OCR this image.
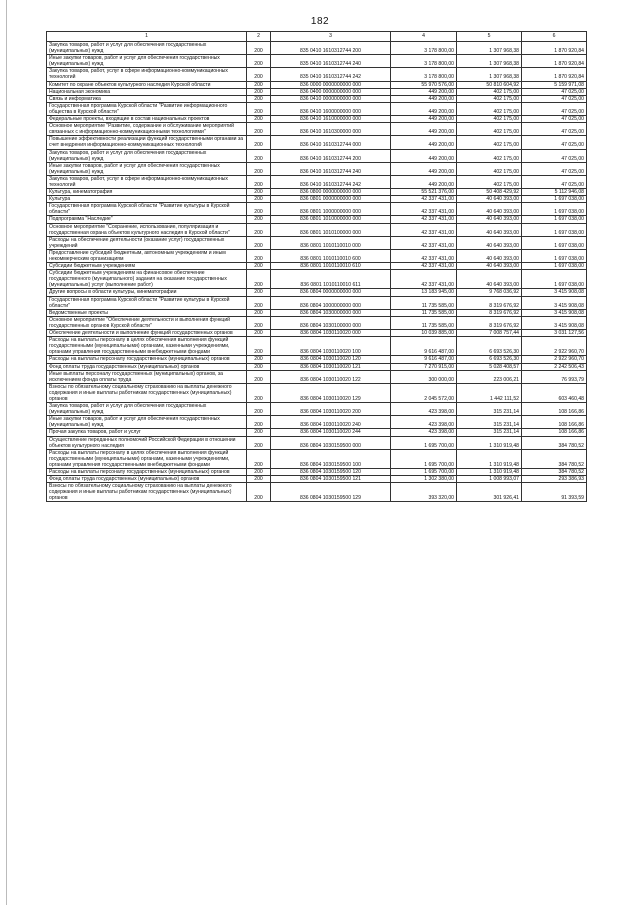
182
1	2	3	4	5	6
Закупка товаров, работ и услуг для обеспечения государственных (муниципальных) нужд	200	835 0410 1610312744 200	3 178 800,00	1 307 968,38	1 870 920,84
Иные закупки товаров, работ и услуг для обеспечения государственных (муниципальных) нужд	200	835 0410 1610312744 240	3 178 800,00	1 307 968,38	1 870 920,84
Закупка товаров, работ, услуг в сфере информационно-коммуникационных технологий	200	835 0410 1610312744 242	3 178 800,00	1 307 968,38	1 870 920,84
Комитет по охране объектов культурного наследия Курской области	200	836 0000 0000000000 000	55 970 576,00	50 810 604,92	5 159 971,08
Национальная экономика	200	836 0400 0000000000 000	449 200,00	402 175,00	47 025,00
Связь и информатика	200	836 0410 0000000000 000	449 200,00	402 175,00	47 025,00
Государственная программа Курской области "Развитие информационного общества в Курской области"	200	836 0410 1600000000 000	449 200,00	402 175,00	47 025,00
Федеральные проекты, входящие в состав национальных проектов	200	836 0410 1610000000 000	449 200,00	402 175,00	47 025,00
Основное мероприятие "Развитие, содержание и обслуживание мероприятий связанных с информационно-коммуникационными технологиями"	200	836 0410 1610300000 000	449 200,00	402 175,00	47 025,00
Повышение эффективности реализации функций государственными органами за счет внедрения информационно-коммуникационных технологий	200	836 0410 1610312744 000	449 200,00	402 175,00	47 025,00
Закупка товаров, работ и услуг для обеспечения государственных (муниципальных) нужд	200	836 0410 1610312744 200	449 200,00	402 175,00	47 025,00
Иные закупки товаров, работ и услуг для обеспечения государственных (муниципальных) нужд	200	836 0410 1610312744 240	449 200,00	402 175,00	47 025,00
Закупка товаров, работ, услуг в сфере информационно-коммуникационных технологий	200	836 0410 1610312744 242	449 200,00	402 175,00	47 025,00
Культура, кинематография	200	836 0800 0000000000 000	55 521 376,00	50 408 429,92	5 112 946,08
Культура	200	836 0801 0000000000 000	42 337 431,00	40 640 393,00	1 697 038,00
Государственная программа Курской области "Развитие культуры в Курской области"	200	836 0801 1000000000 000	42 337 431,00	40 640 393,00	1 697 038,00
Подпрограмма "Наследие"	200	836 0801 1010000000 000	42 337 431,00	40 640 393,00	1 697 038,00
Основное мероприятие "Сохранение, использование, популяризация и государственная охрана объектов культурного наследия в Курской области"	200	836 0801 1010100000 000	42 337 431,00	40 640 393,00	1 697 038,00
Расходы на обеспечение деятельности (оказание услуг) государственных учреждений	200	836 0801 1010110010 000	42 337 431,00	40 640 393,00	1 697 038,00
Предоставление субсидий бюджетным, автономным учреждениям и иным некоммерческим организациям	200	836 0801 1010110010 600	42 337 431,00	40 640 393,00	1 697 038,00
Субсидии бюджетным учреждениям	200	836 0801 1010110010 610	42 337 431,00	40 640 393,00	1 697 038,00
Субсидии бюджетным учреждениям на финансовое обеспечение государственного (муниципального) задания на оказание государственных (муниципальных) услуг (выполнение работ)	200	836 0801 1010110010 611	42 337 431,00	40 640 393,00	1 697 038,00
Другие вопросы в области культуры, кинематографии	200	836 0804 0000000000 000	13 183 945,00	9 768 036,92	3 415 908,08
Государственная программа Курской области "Развитие культуры в Курской области"	200	836 0804 1000000000 000	11 735 585,00	8 319 676,92	3 415 908,08
Ведомственные проекты	200	836 0804 1030000000 000	11 735 585,00	8 319 676,92	3 415 908,08
Основное мероприятие "Обеспечение деятельности и выполнения функций государственных органов Курской области"	200	836 0804 1030100000 000	11 735 585,00	8 319 676,92	3 415 908,08
Обеспечение деятельности и выполнение функций государственных органов	200	836 0804 1030110020 000	10 039 885,00	7 008 757,44	3 031 127,56
Расходы на выплаты персоналу в целях обеспечения выполнения функций государственными (муниципальными) органами, казенными учреждениями, органами управления государственными внебюджетными фондами	200	836 0804 1030110020 100	9 616 487,00	6 693 526,30	2 922 960,70
Расходы на выплаты персоналу государственных (муниципальных) органов	200	836 0804 1030110020 120	9 616 487,00	6 693 526,30	2 922 960,70
Фонд оплаты труда государственных (муниципальных) органов	200	836 0804 1030110020 121	7 270 915,00	5 028 408,57	2 242 506,43
Иные выплаты персоналу государственных (муниципальных) органов, за исключением фонда оплаты труда	200	836 0804 1030110020 122	300 000,00	223 006,21	76 993,79
Взносы по обязательному социальному страхованию на выплаты денежного содержания и иные выплаты работникам государственных (муниципальных) органов	200	836 0804 1030110020 129	2 045 572,00	1 442 111,52	603 460,48
Закупка товаров, работ и услуг для обеспечения государственных (муниципальных) нужд	200	836 0804 1030110020 200	423 398,00	315 231,14	108 166,86
Иные закупки товаров, работ и услуг для обеспечения государственных (муниципальных) нужд	200	836 0804 1030110020 240	423 398,00	315 231,14	108 166,86
Прочая закупка товаров, работ и услуг	200	836 0804 1030110020 244	423 398,00	315 231,14	108 166,86
Осуществление переданных полномочий Российской Федерации в отношении объектов культурного наследия	200	836 0804 1030159500 000	1 695 700,00	1 310 919,48	384 780,52
Расходы на выплаты персоналу в целях обеспечения выполнения функций государственными (муниципальными) органами, казенными учреждениями, органами управления государственными внебюджетными фондами	200	836 0804 1030159500 100	1 695 700,00	1 310 919,48	384 780,52
Расходы на выплаты персоналу государственных (муниципальных) органов	200	836 0804 1030159500 120	1 695 700,00	1 310 919,48	384 780,52
Фонд оплаты труда государственных (муниципальных) органов	200	836 0804 1030159500 121	1 302 380,00	1 008 993,07	293 386,93
Взносы по обязательному социальному страхованию на выплаты денежного содержания и иные выплаты работникам государственных (муниципальных) органов	200	836 0804 1030159500 129	393 320,00	301 926,41	91 393,59
